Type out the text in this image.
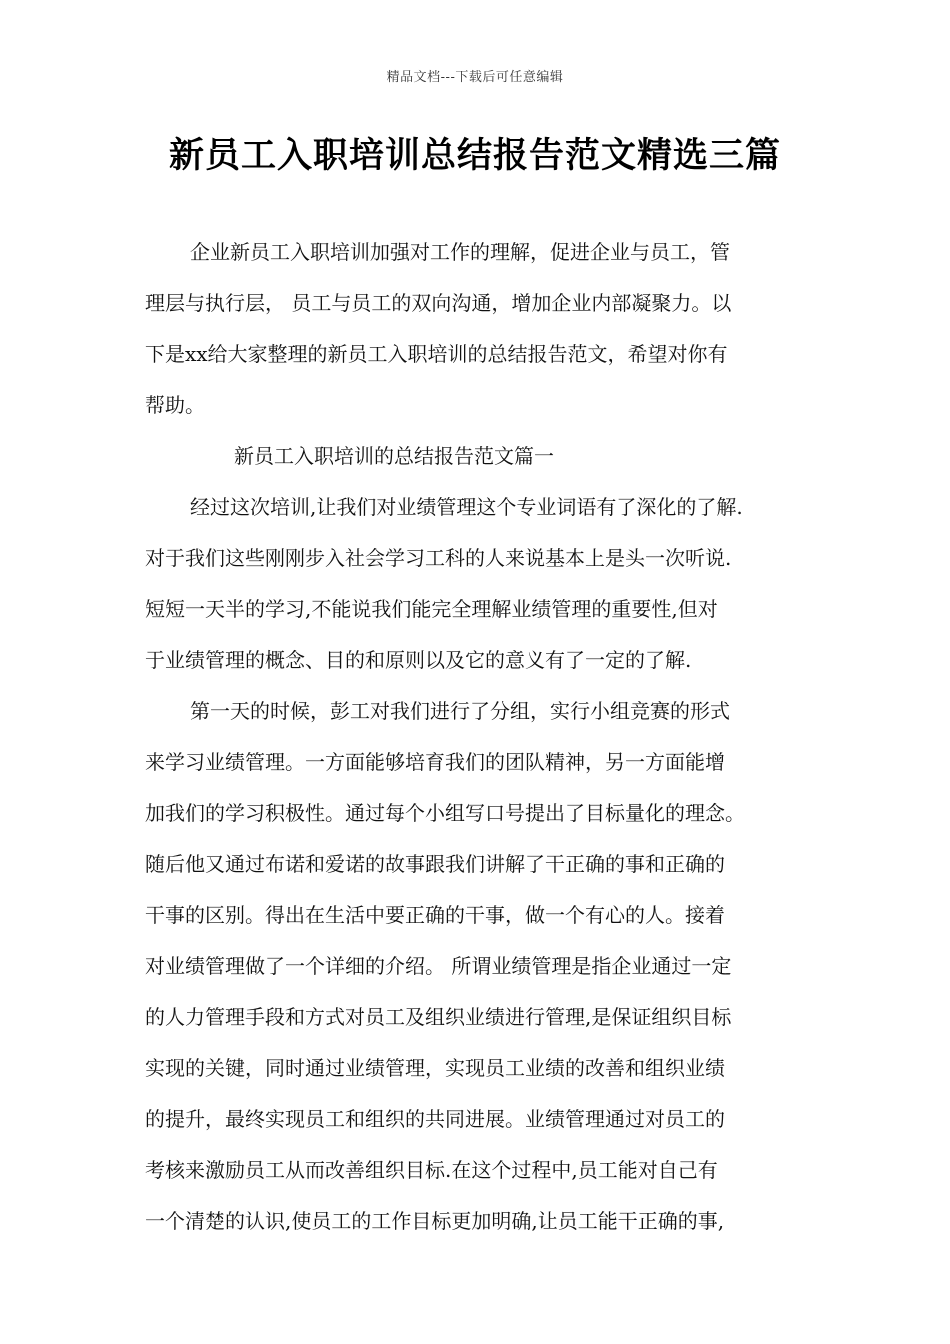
精品文档---下载后可任意编辑
新员工入职培训总结报告范文精选三篇
企业新员工入职培训加强对工作的理解，促进企业与员工，管
理层与执行层， 员工与员工的双向沟通，增加企业内部凝聚力。以
下是xx给大家整理的新员工入职培训的总结报告范文，希望对你有
帮助。
新员工入职培训的总结报告范文篇一
经过这次培训,让我们对业绩管理这个专业词语有了深化的了解.
对于我们这些刚刚步入社会学习工科的人来说基本上是头一次听说.
短短一天半的学习,不能说我们能完全理解业绩管理的重要性,但对
于业绩管理的概念、目的和原则以及它的意义有了一定的了解.
第一天的时候，彭工对我们进行了分组，实行小组竞赛的形式
来学习业绩管理。一方面能够培育我们的团队精神，另一方面能增
加我们的学习积极性。通过每个小组写口号提出了目标量化的理念。
随后他又通过布诺和爱诺的故事跟我们讲解了干正确的事和正确的
干事的区别。得出在生活中要正确的干事，做一个有心的人。接着
对业绩管理做了一个详细的介绍。 所谓业绩管理是指企业通过一定
的人力管理手段和方式对员工及组织业绩进行管理,是保证组织目标
实现的关键，同时通过业绩管理，实现员工业绩的改善和组织业绩
的提升，最终实现员工和组织的共同进展。业绩管理通过对员工的
考核来激励员工从而改善组织目标.在这个过程中,员工能对自己有
一个清楚的认识,使员工的工作目标更加明确,让员工能干正确的事,
